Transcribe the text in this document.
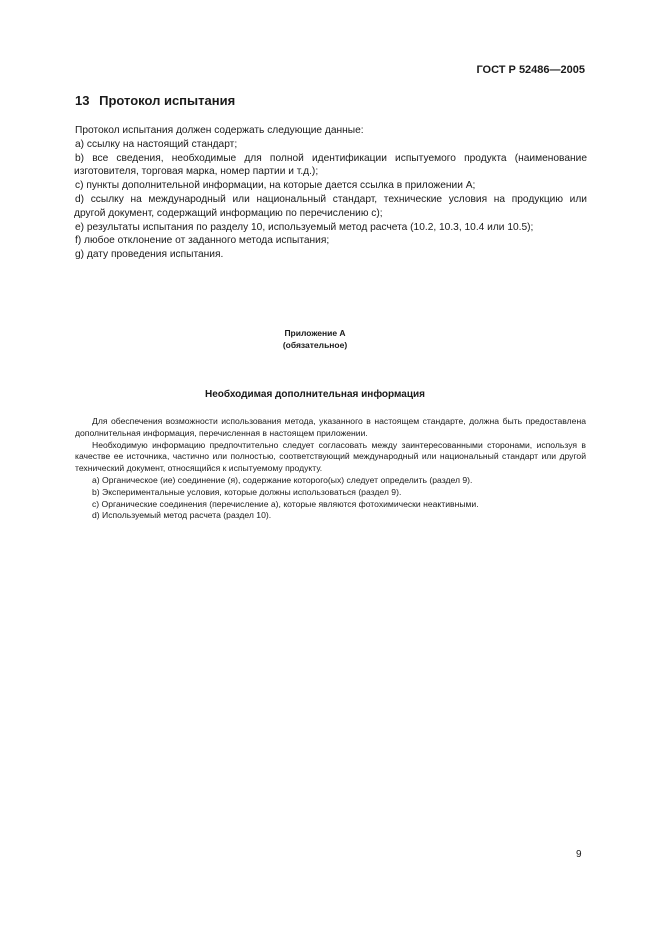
ГОСТ Р 52486—2005
13 Протокол испытания

Протокол испытания должен содержать следующие данные:

a) ссылку на настоящий стандарт;

b) все сведения, необходимые для полной идентификации испытуемого продукта (наименование

изготовителя, торговая марка, номер партии и т.д.);

c) пункты дополнительной информации, на которые дается ссылка в приложении А;

d) ссылку на международный или национальный стандарт, технические условия на продукцию или

другой документ, содержащий информацию по перечислению c);

e) результаты испытания по разделу 10, используемый метод расчета (10.2, 10.3, 10.4 или 10.5);

f) любое отклонение от заданного метода испытания;

g) дату проведения испытания.

Приложение А
(обязательное)
Необходимая дополнительная информация

Для обеспечения возможности использования метода, указанного в настоящем стандарте, должна быть предоставлена дополнительная информация, перечисленная в настоящем приложении.

Необходимую информацию предпочтительно следует согласовать между заинтересованными сторонами, используя в качестве ее источника, частично или полностью, соответствующий международный или национальный стандарт или другой технический документ, относящийся к испытуемому продукту.

a) Органическое (ие) соединение (я), содержание которого(ых) следует определить (раздел 9).

b) Экспериментальные условия, которые должны использоваться (раздел 9).

c) Органические соединения (перечисление а), которые являются фотохимически неактивными.

d) Используемый метод расчета (раздел 10).

9
